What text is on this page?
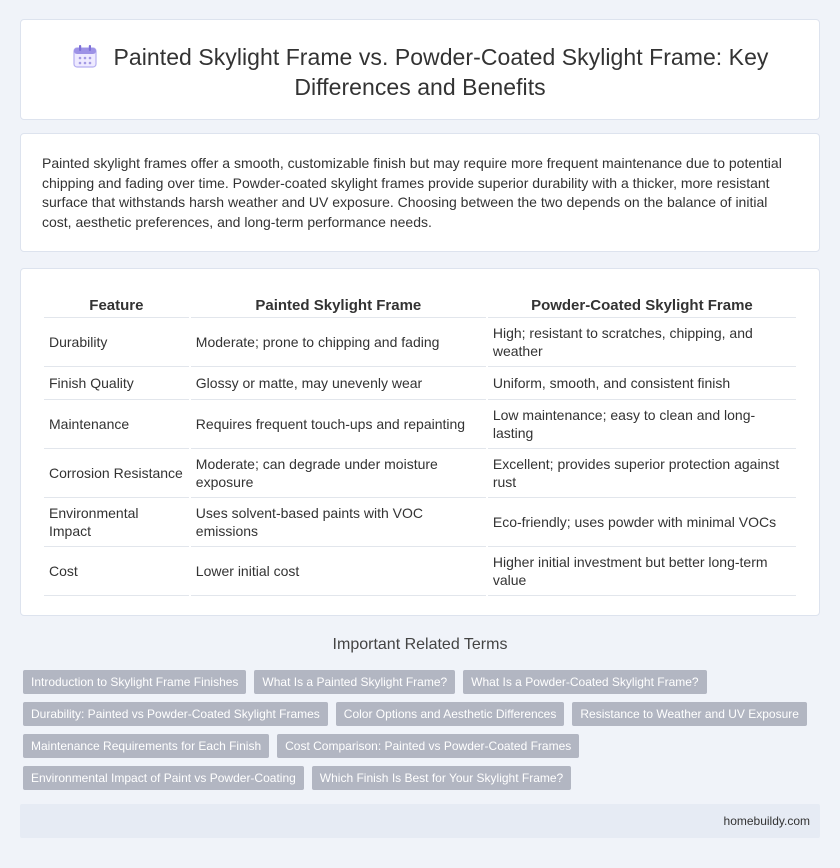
Painted Skylight Frame vs. Powder-Coated Skylight Frame: Key
Differences and Benefits

Painted skylight frames offer a smooth, customizable finish but may require more frequent maintenance due to potential chipping and fading over time. Powder-coated skylight frames provide superior durability with a thicker, more resistant surface that withstands harsh weather and UV exposure. Choosing between the two depends on the balance of initial cost, aesthetic preferences, and long-term performance needs.

Feature	Painted Skylight Frame	Powder-Coated Skylight Frame
Durability	Moderate; prone to chipping and fading	High; resistant to scratches, chipping, and weather
Finish Quality	Glossy or matte, may unevenly wear	Uniform, smooth, and consistent finish
Maintenance	Requires frequent touch-ups and repainting	Low maintenance; easy to clean and long-lasting
Corrosion Resistance	Moderate; can degrade under moisture exposure	Excellent; provides superior protection against rust
Environmental Impact	Uses solvent-based paints with VOC emissions	Eco-friendly; uses powder with minimal VOCs
Cost	Lower initial cost	Higher initial investment but better long-term value
Important Related Terms
Introduction to Skylight Frame Finishes	What Is a Painted Skylight Frame?	What Is a Powder-Coated Skylight Frame?
Durability: Painted vs Powder-Coated Skylight Frames	Color Options and Aesthetic Differences	Resistance to Weather and UV Exposure
Maintenance Requirements for Each Finish	Cost Comparison: Painted vs Powder-Coated Frames
Environmental Impact of Paint vs Powder-Coating	Which Finish Is Best for Your Skylight Frame?
homebuildy.com
